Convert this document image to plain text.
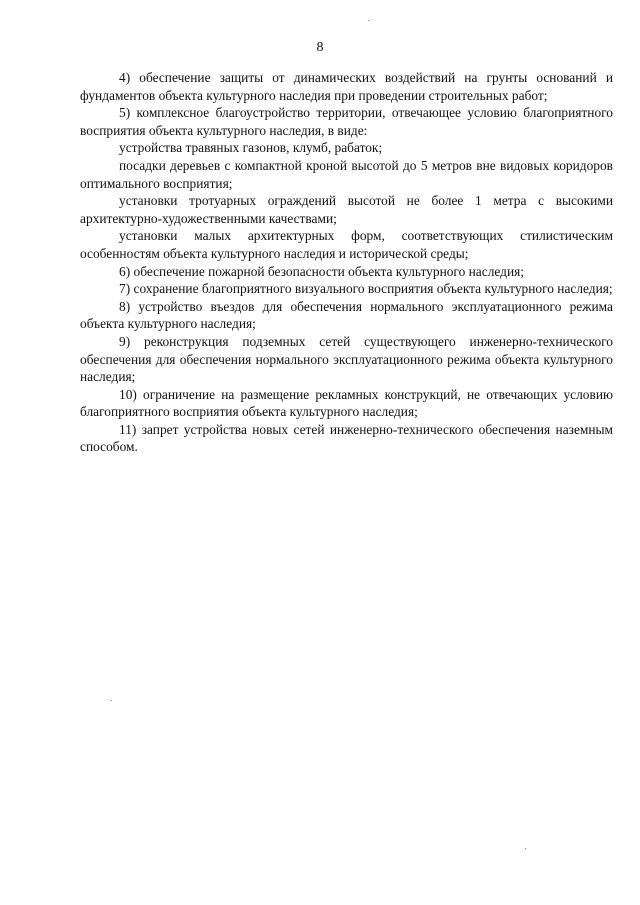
8

4) обеспечение защиты от динамических воздействий на грунты оснований и фундаментов объекта культурного наследия при проведении строительных работ;

5) комплексное благоустройство территории, отвечающее условию благоприятного восприятия объекта культурного наследия, в виде:

устройства травяных газонов, клумб, рабаток;

посадки деревьев с компактной кроной высотой до 5 метров вне видовых коридоров оптимального восприятия;

установки тротуарных ограждений высотой не более 1 метра с высокими архитектурно-художественными качествами;

установки малых архитектурных форм, соответствующих стилистическим особенностям объекта культурного наследия и исторической среды;

6) обеспечение пожарной безопасности объекта культурного наследия;

7) сохранение благоприятного визуального восприятия объекта культурного наследия;

8) устройство въездов для обеспечения нормального эксплуатационного режима объекта культурного наследия;

9) реконструкция подземных сетей существующего инженерно-технического обеспечения для обеспечения нормального эксплуатационного режима объекта культурного наследия;

10) ограничение на размещение рекламных конструкций, не отвечающих условию благоприятного восприятия объекта культурного наследия;

11) запрет устройства новых сетей инженерно-технического обеспечения наземным способом.
